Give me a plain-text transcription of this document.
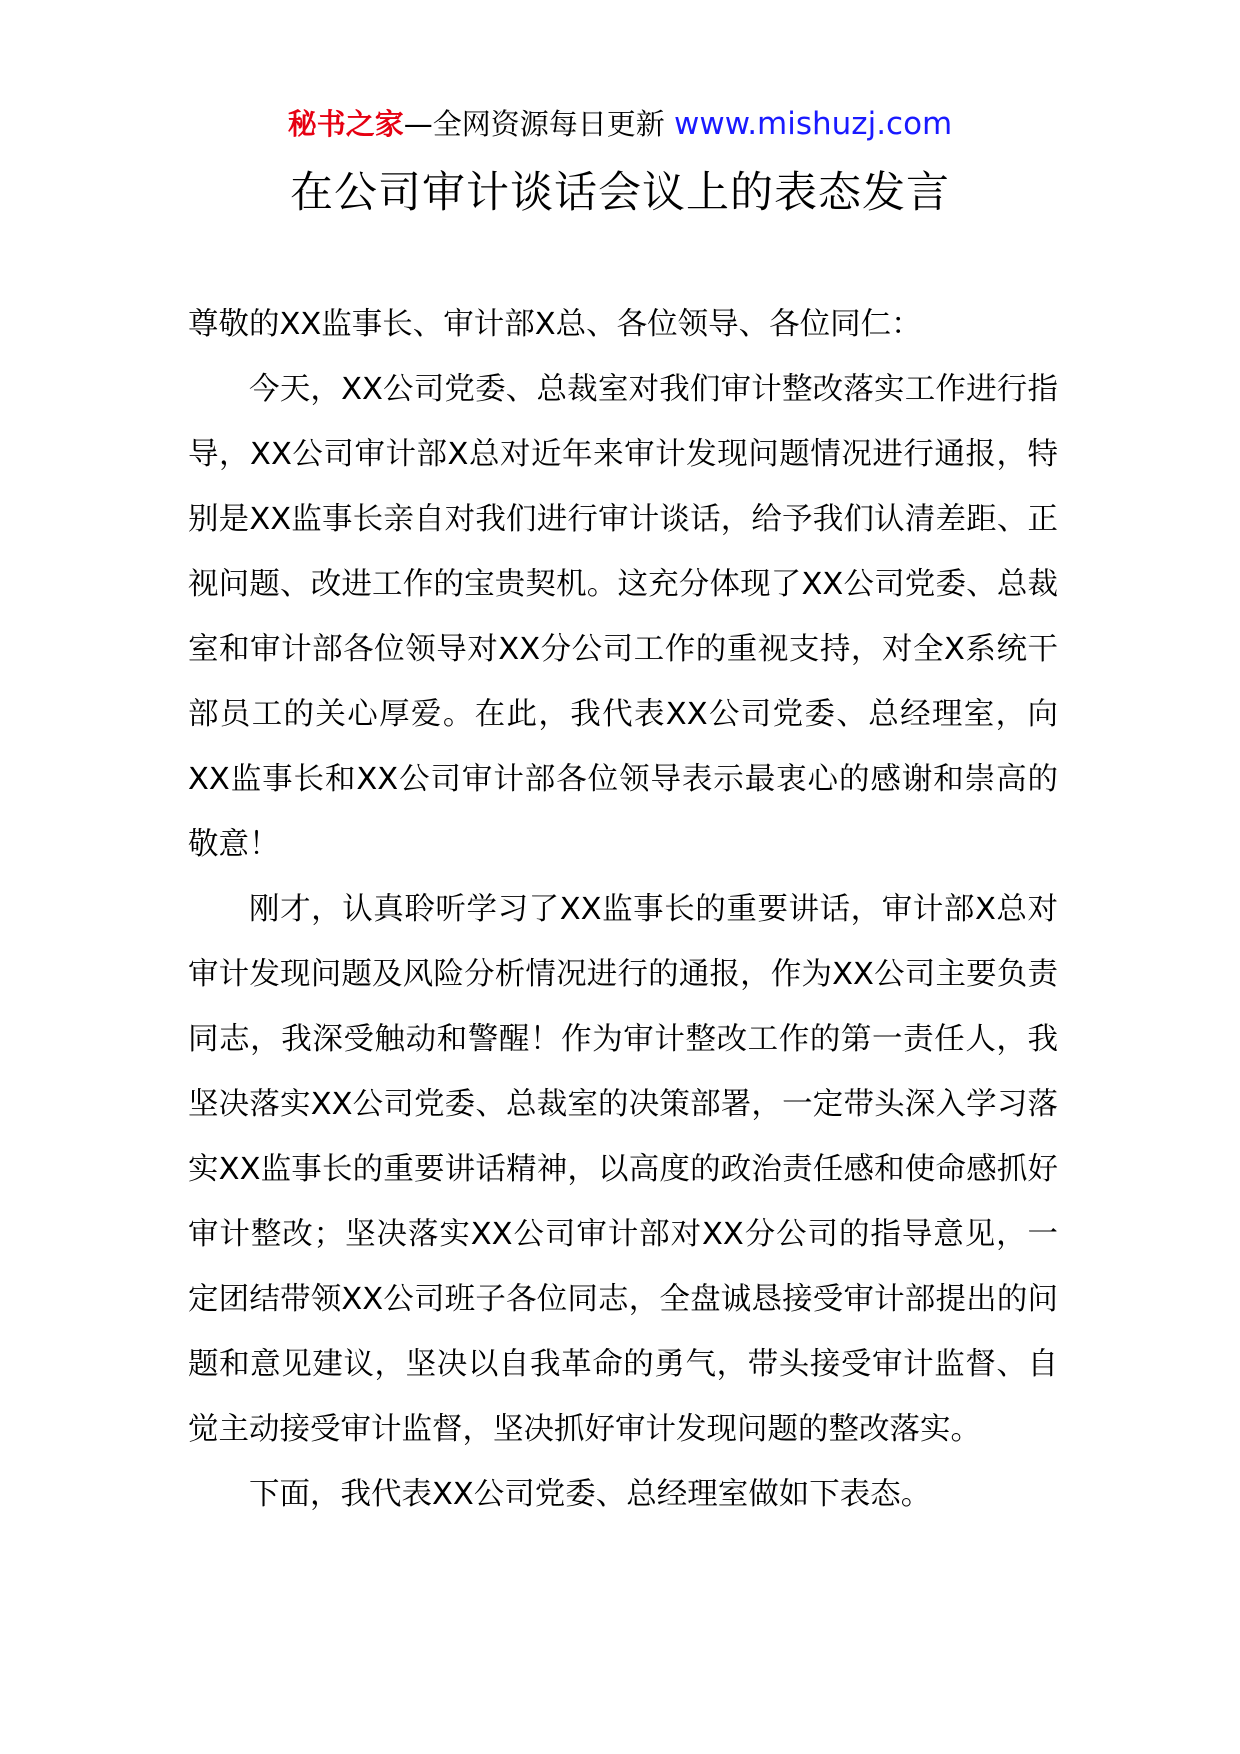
秘书之家—全网资源每日更新 www.mishuzj.com
在公司审计谈话会议上的表态发言

尊敬的XX监事长、审计部X总、各位领导、各位同仁：

今天，XX公司党委、总裁室对我们审计整改落实工作进行指导，XX公司审计部X总对近年来审计发现问题情况进行通报，特别是XX监事长亲自对我们进行审计谈话，给予我们认清差距、正视问题、改进工作的宝贵契机。这充分体现了XX公司党委、总裁室和审计部各位领导对XX分公司工作的重视支持，对全X系统干部员工的关心厚爱。在此，我代表XX公司党委、总经理室，向XX监事长和XX公司审计部各位领导表示最衷心的感谢和崇高的敬意！

刚才，认真聆听学习了XX监事长的重要讲话，审计部X总对审计发现问题及风险分析情况进行的通报，作为XX公司主要负责同志，我深受触动和警醒！作为审计整改工作的第一责任人，我坚决落实XX公司党委、总裁室的决策部署，一定带头深入学习落实XX监事长的重要讲话精神，以高度的政治责任感和使命感抓好审计整改；坚决落实XX公司审计部对XX分公司的指导意见，一定团结带领XX公司班子各位同志，全盘诚恳接受审计部提出的问题和意见建议，坚决以自我革命的勇气，带头接受审计监督、自觉主动接受审计监督，坚决抓好审计发现问题的整改落实。

下面，我代表XX公司党委、总经理室做如下表态。
